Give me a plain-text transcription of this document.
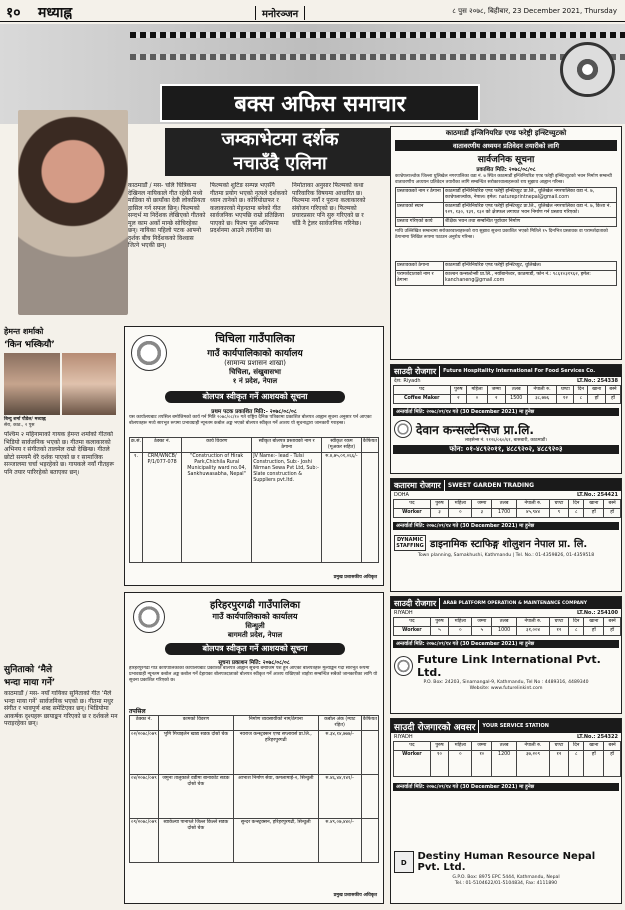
१० मध्याह्न	मनोरञ्जन	८ पुस २०७८, बिहीबार, 23 December 2021, Thursday
बक्स अफिस समाचार
जम्काभेटमा दर्शक
नचाउँदै एलिना
काठमाडौं / मस- चलि चित्रिकमा देखिनल नायिकाले गीत रहेकी मध्ये माडिका यो छायाँका देवी लोकप्रियता हासिल गर्न सफल छिन्। फिल्मको सन्दर्भ मा निर्देशक लेखिएको गीतको मूल काम अर्को मान्छे सोचिरहेका छन्। नायिका पहिलो पटक आफ्नो दर्शक बीच निर्देशकको विश्वास जित्ने भएकी छन्।
फिल्मको शुटिङ सम्पन्न भएसँगै गीतमा प्रयोग भएको नृत्यले दर्शकको ध्यान तानेको छ। कोरियोग्राफर र कलाकारको मेहनतमा बनेको गीत सार्वजनिक भएपछि राम्रो प्रतिक्रिया पाएको छ। फिल्म पुस अन्तिममा प्रदर्शनमा आउने तयारीमा छ।
निर्माताका अनुसार फिल्मको कथा पारिवारिक विषयमा आधारित छ। फिल्ममा नयाँ र पुराना कलाकारको संयोजन गरिएको छ। फिल्मको प्रचारप्रसार पनि सुरु गरिएको छ र चाँडै नै ट्रेलर सार्वजनिक गरिनेछ।
हेमन्त शर्माको
‘किन भस्कियौ’
बिन्दु शर्मा पौडेल/ मध्याह्न
सेरा, काठ., २ पुस
पश्चिम २ महिनामाको गायक हेमन्त शर्माको गीतको भिडियो सार्वजनिक भएको छ। गीतमा कलाकारको अभिनय र संगीतको तालमेल राम्रो देखिन्छ। गीतले छोटो समयमै धेरै दर्शक पाएको छ र सामाजिक सञ्जालमा चर्चा भइरहेको छ। गायकले नयाँ गीतहरू पनि तयार पारिरहेको बताएका छन्।
सुनिताको ‘मैले
भन्दा माया गर्ने’
काठमाडौं / मस- नयाँ गायिका सुनिताको गीत ‘मैले भन्दा माया गर्ने’ सार्वजनिक भएको छ। गीतमा मधुर संगीत र भावपूर्ण शब्द समेटिएका छन्। भिडियोमा आकर्षक दृश्यहरू छायाङ्कन गरिएको छ र दर्शकले मन पराइरहेका छन्।
चिचिला गाउँपालिका
गाउँ कार्यपालिकाको कार्यालय
(सामान्य प्रशासन शाखा)
चिचिला, संखुवासभा
१ नं प्रदेश, नेपाल
बोलपत्र स्वीकृत गर्ने आशयको सूचना
प्रथम पटक प्रकाशित मिति:- २०७८/०८/०८
यस कार्यालयबाट तपसिल बमोजिमको कार्य गर्न मिति २०७८/०८/१० गते राष्ट्रिय दैनिक पत्रिकामा प्रकाशित बोलपत्र आह्वान सूचना अनुसार पर्न आएका बोलपत्रहरू मध्ये सारभूत रूपमा प्रभावग्राही न्यूनतम कबोल अङ्क भएको बोलपत्र स्वीकृत गर्ने आशय यो सूचनाद्वारा जानकारी गराइन्छ।
क्र.सं.	ठेक्का नं.	कार्य विवरण	स्वीकृत बोलपत्र प्रस्तावको नाम र ठेगाना	स्वीकृत रकम (मूअकर सहित)	कैफियत
१.	CRM/WNCB/ P/1/077-078	"Construction of Hirak Park,Chichila Rural Municipality ward no.04, Sankhuwasabha, Nepal"	JV Name:- lead - Tulsi Construction, Sub:- Joshi Nirman Sewa Pvt Ltd, Sub:- Slate construction & Suppliers pvt.ltd.	रु.४,७५,०१,०६६/-	
प्रमुख प्रशासकीय अधिकृत
हरिहरपुरगढी गाउँपालिका
गाउँ कार्यपालिकाको कार्यालय
सिन्धुली
बागमती प्रदेश, नेपाल
बोलपत्र स्वीकृत गर्ने आशयको सूचना
सूचना प्रकाशन मिति: २०७८/०८/०८
हरिहरपुरगढी गाउँ कार्यपालिकाको कार्यालयबाट प्रकाशित बोलपत्र आह्वान सूचना बमोजिम पेश हुन आएका बोलपत्रहरू मूल्याङ्कन गर्दा सारभूत रूपमा प्रभावग्राही न्यूनतम कबोल अङ्क कबोल गर्ने देहायका बोलपत्रदाताको बोलपत्र स्वीकृत गर्ने आशय राखिएको व्यहोरा सम्बन्धित सबैको जानकारीका लागि यो सूचना प्रकाशित गरिएको छ।
तपसिल
ठेक्का नं.	कामको विवरण	निर्माण व्यवसायीको नाम/ठेगाना	कबोल अंक (म्याट रहित)	कैफियत
०२/२०७८/०७९	भुमि मिचाइलेन खाद्य सडक दोस्रो चेक	नवराज कन्स्ट्रक्सन एण्ड सप्लायर्स प्रा.लि., हरिहरपुरगढी	रु.३४,१४,७७७/-	
०४/२०७८/०७९	जमुना तालुकाले वडीमा बानाकोट सडक दोस्रो चेक	आभाश निर्माण सेवा, कमलामाई-२, सिन्धुली	रु.४६,४४,१४१/-	
०९/२०७८/०७९	ब्याकेल्या पानाथ्ले जिल्ल किल्ले सडक दोस्रो चेक	सुन्दर कन्स्ट्रक्सन, हरिहरपुरगढी, सिन्धुली	रु.४९,०७,४४०/-	
प्रमुख प्रशासकीय अधिकृत
काठमाडौं इन्जिनियरिङ एण्ड फरेष्ट्री इन्स्टिच्युटको
वातावरणीय अध्ययन प्रतिवेदन तयारीको लागि
सार्वजनिक सूचना
प्रकाशित मिति: २०७८/०८/०८
काभ्रेपलाञ्चोक जिल्ला धुलिखेल नगरपालिका वडा नं. ७ स्थित काठमाडौं इन्जिनियरिङ एण्ड फरेष्ट्री इन्स्टिच्युटको भवन निर्माण सम्बन्धी वातावरणीय अध्ययन प्रतिवेदन तयारीका लागि सम्बन्धित सरोकारवालाहरूको राय सुझाव आह्वान गरिन्छ।
प्रस्तावकको नाम र ठेगाना	काठमाडौं इन्जिनियरिङ एण्ड फरेष्ट्री इन्स्टिच्युट प्रा.लि., धुलिखेल नगरपालिका वडा नं. ७, काभ्रेपलाञ्चोक, नेपाल। इमेल: natureprintnepal@gmail.com
प्रस्तावको स्थान	काठमाडौं इन्जिनियरिङ एण्ड फरेष्ट्री इन्स्टिच्युट प्रा.लि., धुलिखेल नगरपालिका वडा नं. ७, कित्ता नं. १२९, १३०, १३१, १३२ को क्षेत्रफल लगायत भवन निर्माण गर्न प्रस्ताव गरिएको।
प्रस्ताव गरिएको कार्य	शैक्षिक भवन तथा सम्बन्धित पूर्वाधार निर्माण
माथि उल्लिखित सम्बन्धमा सरोकारवालाहरूको राय सुझाव सूचना प्रकाशित भएको मितिले १५ दिनभित्र प्रस्तावक वा परामर्शदाताको ठेगानामा लिखित रूपमा पठाउन अनुरोध गरिन्छ।
प्रस्तावकको ठेगाना	काठमाडौं इन्जिनियरिङ एण्ड फरेष्ट्री इन्स्टिच्युट, धुलिखेल।
परामर्शदाताको नाम र ठेगाना	काञ्चन कन्सल्टेन्सी प्रा.लि., नयाँबानेश्वर, काठमाडौं, फोन नं.: ९८६१०३१९६२, इमेल: kanchaneng@gmail.com
साउदी रोजगार	Future Hospitality International For Food Services Co.
देश: Riyadh	LT.No.: 254338
पद	पुरुष	महिला	जम्मा	तलब	नेपाली रु.	घण्टा	दिन	खाना	बस्ने
Coffee Maker	२	०	२	1500	३८,७७६	१२	८	हाँ	हाँ
अन्तर्वार्ता मिति: २०७८/०९/१४ गते (30 December 2021) मा हुनेछ
देवान कन्सल्टेन्सिज प्रा.लि.
लाइसेन्स नं. ११२६/०६०/६१, बासबारी, काठमाडौं।
फोन: ०१-४८९२०११, ४८८९२०२, ४८८९२०३
कतारमा रोजगार	SWEET GARDEN TRADING
DOHA	LT.No.: 254421
पद	पुरुष	महिला	जम्मा	तलब	नेपाली रु.	घण्टा	दिन	खाना	बस्ने
Worker	३	०	३	1700	४५,९४४	९	८	हाँ	हाँ
अन्तर्वार्ता मिति: २०७८/०९/१४ गते (30 December 2021) मा हुनेछ
DYNAMIC STAFFING डाइनामिक स्टाफिङ्ग शोलुशन नेपाल प्रा. लि.
Town planning, Samakhushi, Kathmandu | Tel. No.: 01-4359826, 01-4359518
साउदी रोजगार	ARAB PLATFORM OPERATION & MAINTENANCE COMPANY
RIYADH	LT.No.: 254100
पद	पुरुष	महिला	जम्मा	तलब	नेपाली रु.	घण्टा	दिन	खाना	बस्ने
Worker	५	०	५	1000	३१,००४	१२	८	हाँ	हाँ
अन्तर्वार्ता मिति: २०७८/०९/१४ गते (30 December 2021) मा हुनेछ
Future Link International Pvt. Ltd.
P.O. Box: 24203, Sinamangal-9, Kathmandu, Tel No : 4489316, 4489340
Website: www.futurelinkint.com
साउदी रोजगारको अवसर	YOUR SERVICE STATION
RIYADH	LT.No.: 254322
पद	पुरुष	महिला	जम्मा	तलब	नेपाली रु.	घण्टा	दिन	खाना	बस्ने
Worker	१०	०	१०	1200	३७,२०९	१२	८	हाँ	हाँ
अन्तर्वार्ता मिति: २०७८/०९/१४ गते (30 December 2021) मा हुनेछ
D
Destiny Human Resource Nepal Pvt. Ltd.
G.P.O. Box: 8975 EPC 5444, Kathmandu, Nepal
Tel.: 01-5104622/01-5104834, Fax: 4111890
